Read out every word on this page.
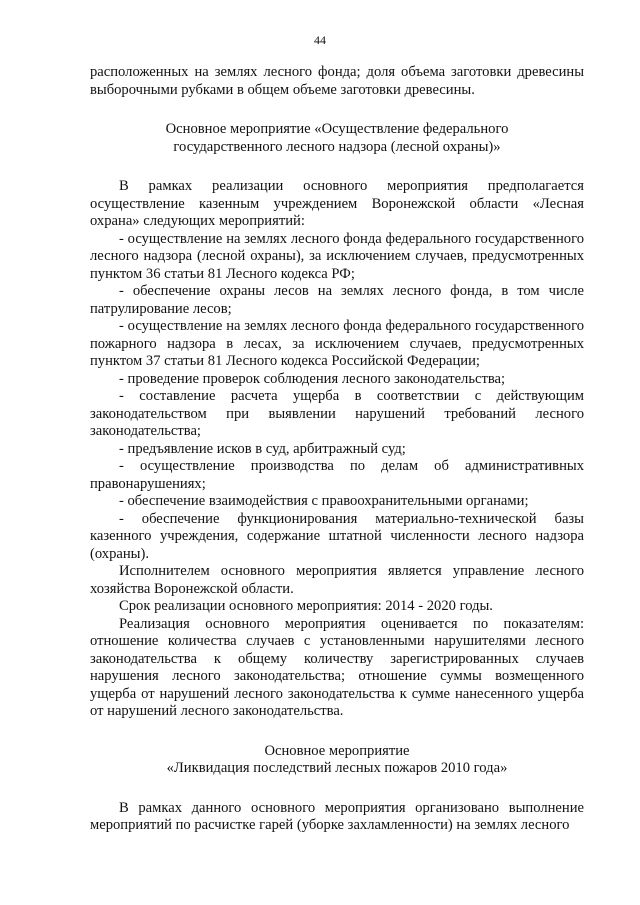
44

расположенных на землях лесного фонда; доля объема заготовки древесины выборочными рубками в общем объеме заготовки древесины.

Основное мероприятие «Осуществление федерального государственного лесного надзора (лесной охраны)»

В рамках реализации основного мероприятия предполагается осуществление казенным учреждением Воронежской области «Лесная охрана» следующих мероприятий:

- осуществление на землях лесного фонда федерального государственного лесного надзора (лесной охраны), за исключением случаев, предусмотренных пунктом 36 статьи 81 Лесного кодекса РФ;

- обеспечение охраны лесов на землях лесного фонда, в том числе патрулирование лесов;

- осуществление на землях лесного фонда федерального государственного пожарного надзора в лесах, за исключением случаев, предусмотренных пунктом 37 статьи 81 Лесного кодекса Российской Федерации;

- проведение проверок соблюдения лесного законодательства;

- составление расчета ущерба в соответствии с действующим законодательством при выявлении нарушений требований лесного законодательства;

- предъявление исков в суд, арбитражный суд;

- осуществление производства по делам об административных правонарушениях;

- обеспечение взаимодействия с правоохранительными органами;

- обеспечение функционирования материально-технической базы казенного учреждения, содержание штатной численности лесного надзора (охраны).

Исполнителем основного мероприятия является управление лесного хозяйства Воронежской области.

Срок реализации основного мероприятия: 2014 - 2020 годы.

Реализация основного мероприятия оценивается по показателям: отношение количества случаев с установленными нарушителями лесного законодательства к общему количеству зарегистрированных случаев нарушения лесного законодательства; отношение суммы возмещенного ущерба от нарушений лесного законодательства к сумме нанесенного ущерба от нарушений лесного законодательства.

Основное мероприятие

«Ликвидация последствий лесных пожаров 2010 года»

В рамках данного основного мероприятия организовано выполнение мероприятий по расчистке гарей (уборке захламленности) на землях лесного
